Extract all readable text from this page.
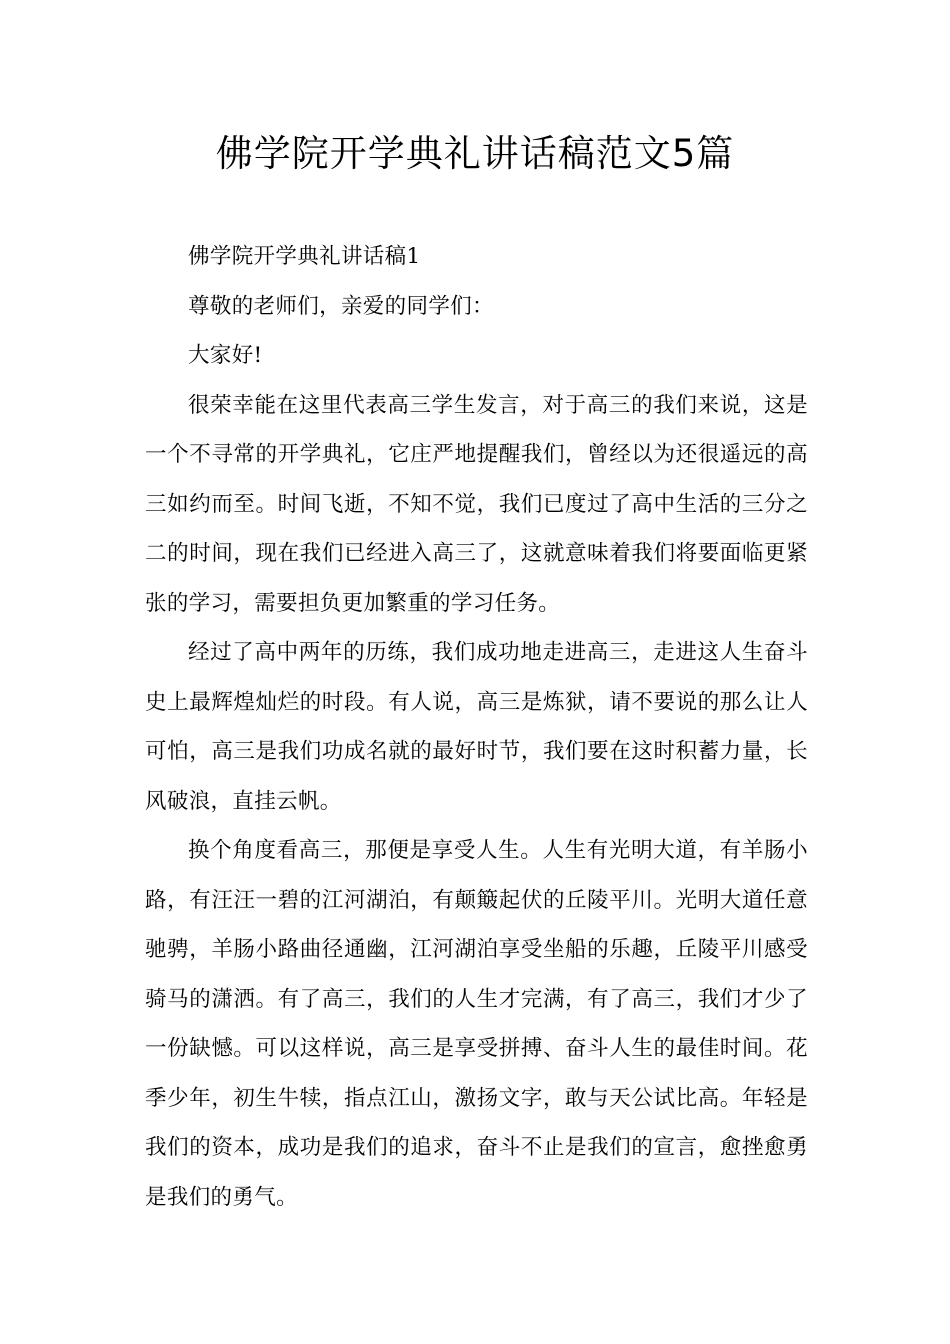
佛学院开学典礼讲话稿范文5篇

佛学院开学典礼讲话稿1

尊敬的老师们，亲爱的同学们：

大家好!

很荣幸能在这里代表高三学生发言，对于高三的我们来说，这是一个不寻常的开学典礼，它庄严地提醒我们，曾经以为还很遥远的高三如约而至。时间飞逝，不知不觉，我们已度过了高中生活的三分之二的时间，现在我们已经进入高三了，这就意味着我们将要面临更紧张的学习，需要担负更加繁重的学习任务。

经过了高中两年的历练，我们成功地走进高三，走进这人生奋斗史上最辉煌灿烂的时段。有人说，高三是炼狱，请不要说的那么让人可怕，高三是我们功成名就的最好时节，我们要在这时积蓄力量，长风破浪，直挂云帆。

换个角度看高三，那便是享受人生。人生有光明大道，有羊肠小路，有汪汪一碧的江河湖泊，有颠簸起伏的丘陵平川。光明大道任意驰骋，羊肠小路曲径通幽，江河湖泊享受坐船的乐趣，丘陵平川感受骑马的潇洒。有了高三，我们的人生才完满，有了高三，我们才少了一份缺憾。可以这样说，高三是享受拼搏、奋斗人生的最佳时间。花季少年，初生牛犊，指点江山，激扬文字，敢与天公试比高。年轻是我们的资本，成功是我们的追求，奋斗不止是我们的宣言，愈挫愈勇是我们的勇气。
